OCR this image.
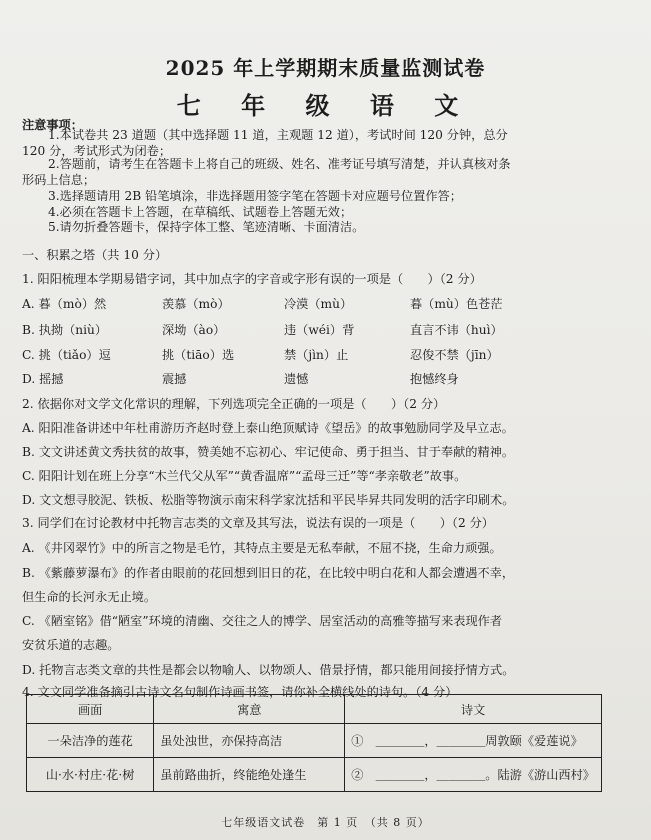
2025 年上学期期末质量监测试卷
七 年 级 语 文
注意事项：
1.本试卷共 23 道题（其中选择题 11 道，主观题 12 道），考试时间 120 分钟，总分
120 分，考试形式为闭卷；
2.答题前，请考生在答题卡上将自己的班级、姓名、准考证号填写清楚，并认真核对条
形码上信息；
3.选择题请用 2B 铅笔填涂，非选择题用签字笔在答题卡对应题号位置作答；
4.必须在答题卡上答题，在草稿纸、试题卷上答题无效；
5.请勿折叠答题卡，保持字体工整、笔迹清晰、卡面清洁。
一、积累之塔（共 10 分）
1. 阳阳梳理本学期易错字词，其中加点字的字音或字形有误的一项是（　　）（2 分）
A. 暮（mò）然	羡慕（mò）	冷漠（mù）	暮（mù）色苍茫
B. 执拗（niù）	深坳（ào）	违（wéi）背	直言不讳（huì）
C. 挑（tiǎo）逗	挑（tiāo）选	禁（jìn）止	忍俊不禁（jīn）
D. 摇撼	震撼	遗憾	抱憾终身
2. 依据你对文学文化常识的理解，下列选项完全正确的一项是（　　）（2 分）
A. 阳阳准备讲述中年杜甫游历齐赵时登上泰山绝顶赋诗《望岳》的故事勉励同学及早立志。
B. 文文讲述黄文秀扶贫的故事，赞美她不忘初心、牢记使命、勇于担当、甘于奉献的精神。
C. 阳阳计划在班上分享“木兰代父从军”“黄香温席”“孟母三迁”等“孝亲敬老”故事。
D. 文文想寻胶泥、铁板、松脂等物演示南宋科学家沈括和平民毕昇共同发明的活字印刷术。
3. 同学们在讨论教材中托物言志类的文章及其写法，说法有误的一项是（　　）（2 分）
A. 《井冈翠竹》中的所言之物是毛竹，其特点主要是无私奉献，不屈不挠，生命力顽强。
B. 《紫藤萝瀑布》的作者由眼前的花回想到旧日的花，在比较中明白花和人都会遭遇不幸，
但生命的长河永无止境。
C. 《陋室铭》借“陋室”环境的清幽、交往之人的博学、居室活动的高雅等描写来表现作者
安贫乐道的志趣。
D. 托物言志类文章的共性是都会以物喻人、以物颂人、借景抒情，都只能用间接抒情方式。
4. 文文同学准备摘引古诗文名句制作诗画书签，请你补全横线处的诗句。（4 分）
画面	寓意	诗文
一朵洁净的莲花	虽处浊世，亦保持高洁	①　＿＿＿＿，＿＿＿＿周敦颐《爱莲说》
山·水·村庄·花·树	虽前路曲折，终能绝处逢生	②　＿＿＿＿，＿＿＿＿。陆游《游山西村》
七年级语文试卷　第 1 页　（共 8 页）
